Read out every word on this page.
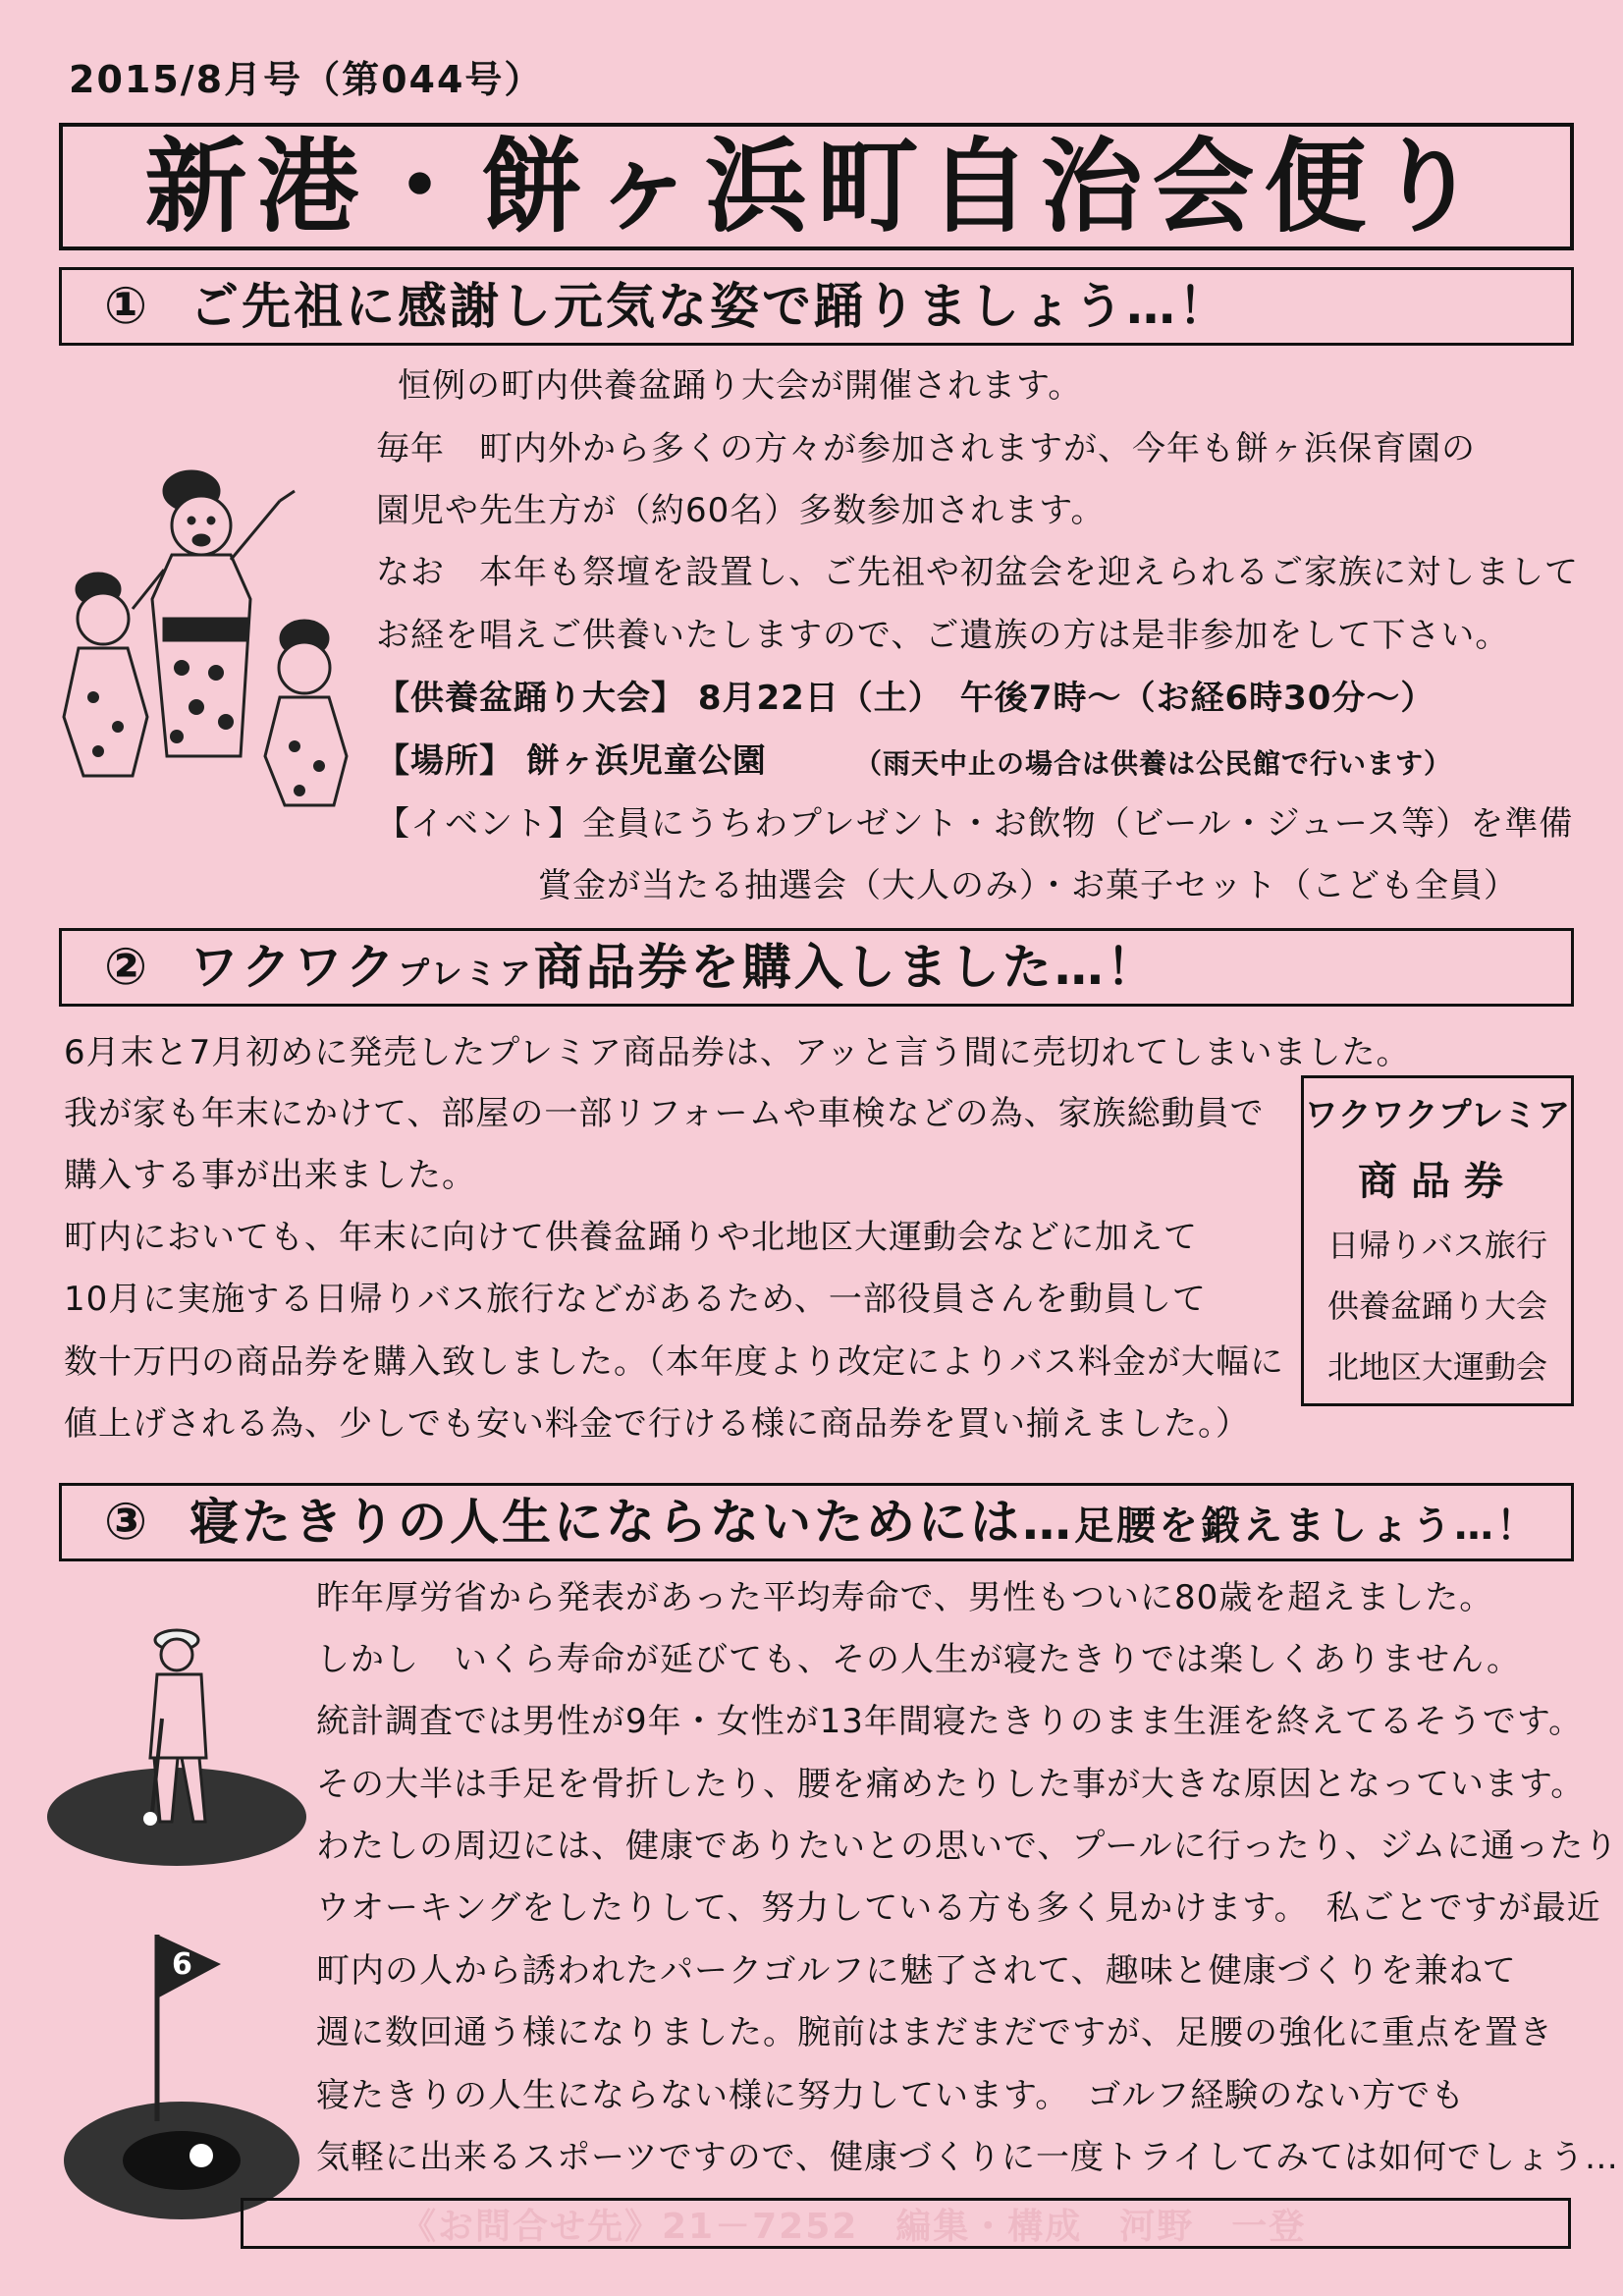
2015/8月号（第044号）
新港・餅ヶ浜町自治会便り
① ご先祖に感謝し元気な姿で踊りましょう…！
恒例の町内供養盆踊り大会が開催されます。
毎年　町内外から多くの方々が参加されますが、今年も餅ヶ浜保育園の
園児や先生方が（約60名）多数参加されます。
なお　本年も祭壇を設置し、ご先祖や初盆会を迎えられるご家族に対しまして
お経を唱えご供養いたしますので、ご遺族の方は是非参加をして下さい。
【供養盆踊り大会】 8月22日（土）　午後7時～（お経6時30分～）
【場所】 餅ヶ浜児童公園	（雨天中止の場合は供養は公民館で行います）
【イベント】全員にうちわプレゼント・お飲物（ビール・ジュース等）を準備
賞金が当たる抽選会（大人のみ）・お菓子セット（こども全員）
② ワクワクプレミア商品券を購入しました…！
6月末と7月初めに発売したプレミア商品券は、アッと言う間に売切れてしまいました。
我が家も年末にかけて、部屋の一部リフォームや車検などの為、家族総動員で
購入する事が出来ました。
町内においても、年末に向けて供養盆踊りや北地区大運動会などに加えて
10月に実施する日帰りバス旅行などがあるため、一部役員さんを動員して
数十万円の商品券を購入致しました。（本年度より改定によりバス料金が大幅に
値上げされる為、少しでも安い料金で行ける様に商品券を買い揃えました。）
ワクワクプレミア
商品券
日帰りバス旅行
供養盆踊り大会
北地区大運動会
③ 寝たきりの人生にならないためには…足腰を鍛えましょう…！
6
昨年厚労省から発表があった平均寿命で、男性もついに80歳を超えました。
しかし　いくら寿命が延びても、その人生が寝たきりでは楽しくありません。
統計調査では男性が9年・女性が13年間寝たきりのまま生涯を終えてるそうです。
その大半は手足を骨折したり、腰を痛めたりした事が大きな原因となっています。
わたしの周辺には、健康でありたいとの思いで、プールに行ったり、ジムに通ったり
ウオーキングをしたりして、努力している方も多く見かけます。　私ごとですが最近
町内の人から誘われたパークゴルフに魅了されて、趣味と健康づくりを兼ねて
週に数回通う様になりました。腕前はまだまだですが、足腰の強化に重点を置き
寝たきりの人生にならない様に努力しています。　ゴルフ経験のない方でも
気軽に出来るスポーツですので、健康づくりに一度トライしてみては如何でしょう…
《お問合せ先》21－7252　編集・構成　河野　一登
